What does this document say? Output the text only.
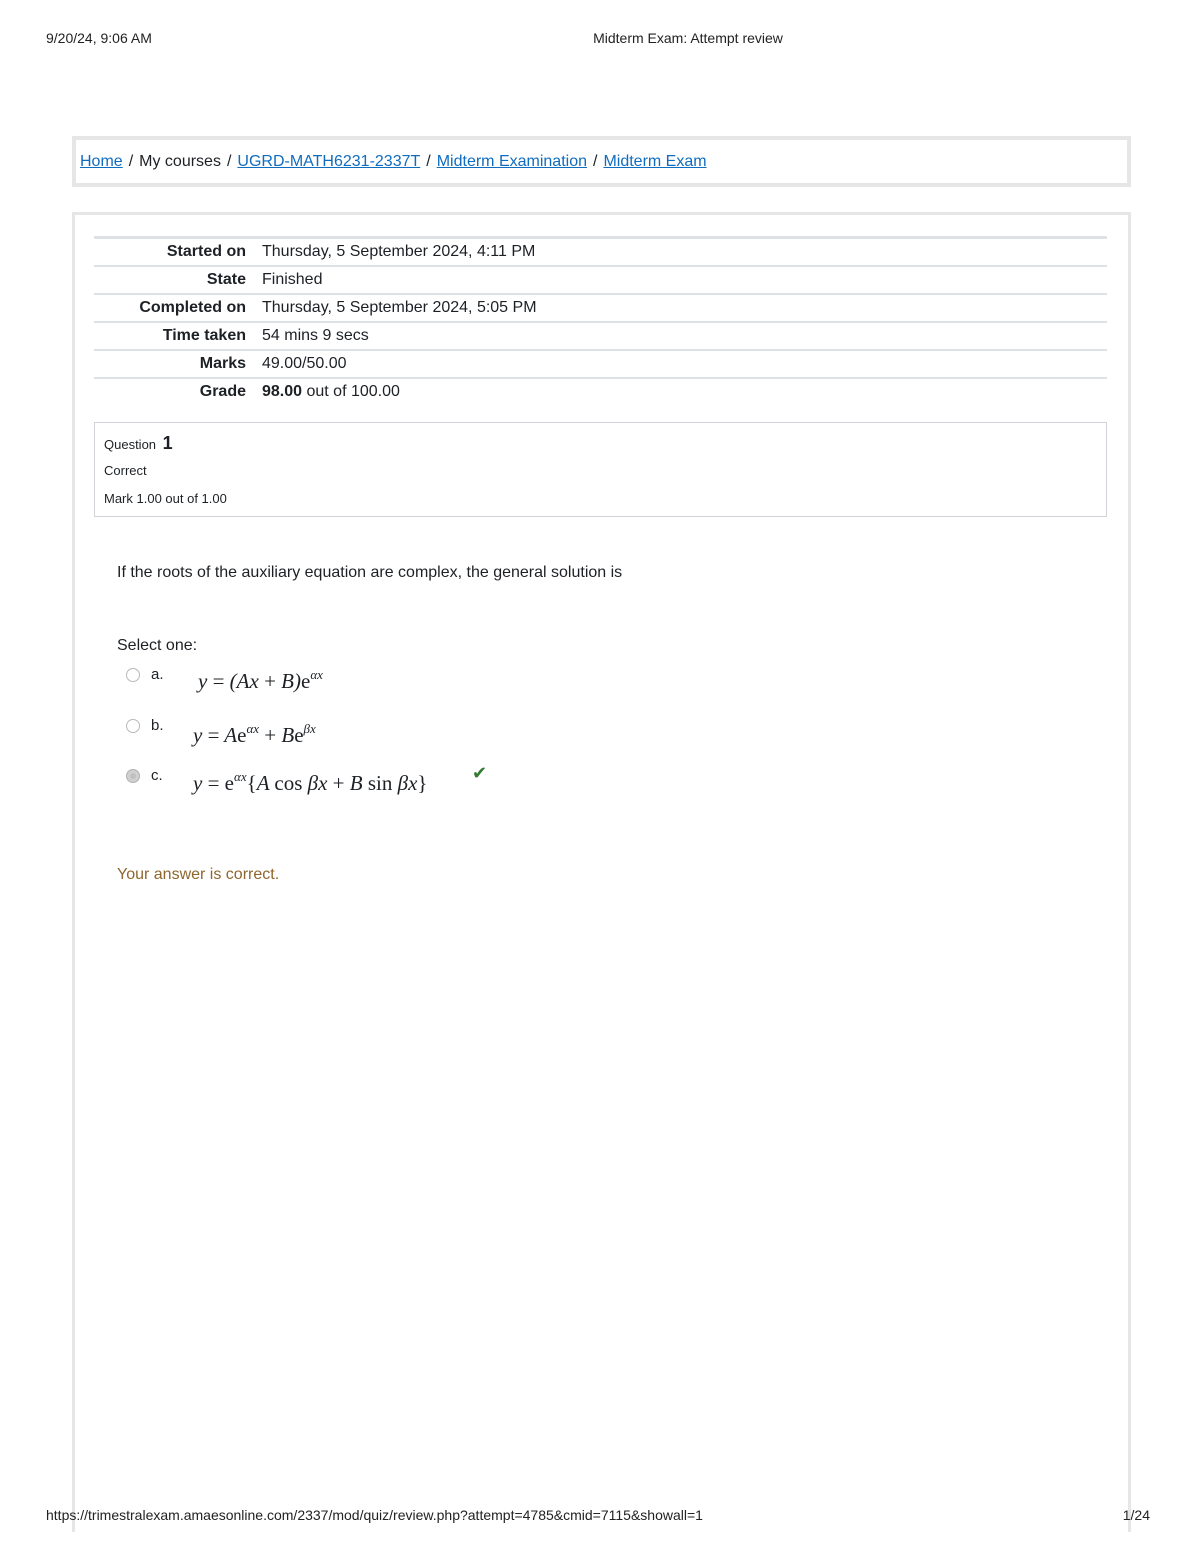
9/20/24, 9:06 AM	Midterm Exam: Attempt review
Home / My courses / UGRD-MATH6231-2337T / Midterm Examination / Midterm Exam
Started on	Thursday, 5 September 2024, 4:11 PM
State	Finished
Completed on	Thursday, 5 September 2024, 5:05 PM
Time taken	54 mins 9 secs
Marks	49.00/50.00
Grade	98.00 out of 100.00
Question 1
Correct
Mark 1.00 out of 1.00
If the roots of the auxiliary equation are complex, the general solution is
Select one:
a. $y = (Ax + B)e^{\alpha x}$
b. $y = Ae^{\alpha x} + Be^{\beta x}$
c. $y = e^{\alpha x}\{A$ cos βx + B sin βx} ✔
Your answer is correct.
https://trimestralexam.amaesonline.com/2337/mod/quiz/review.php?attempt=4785&cmid=7115&showall=1	1/24
